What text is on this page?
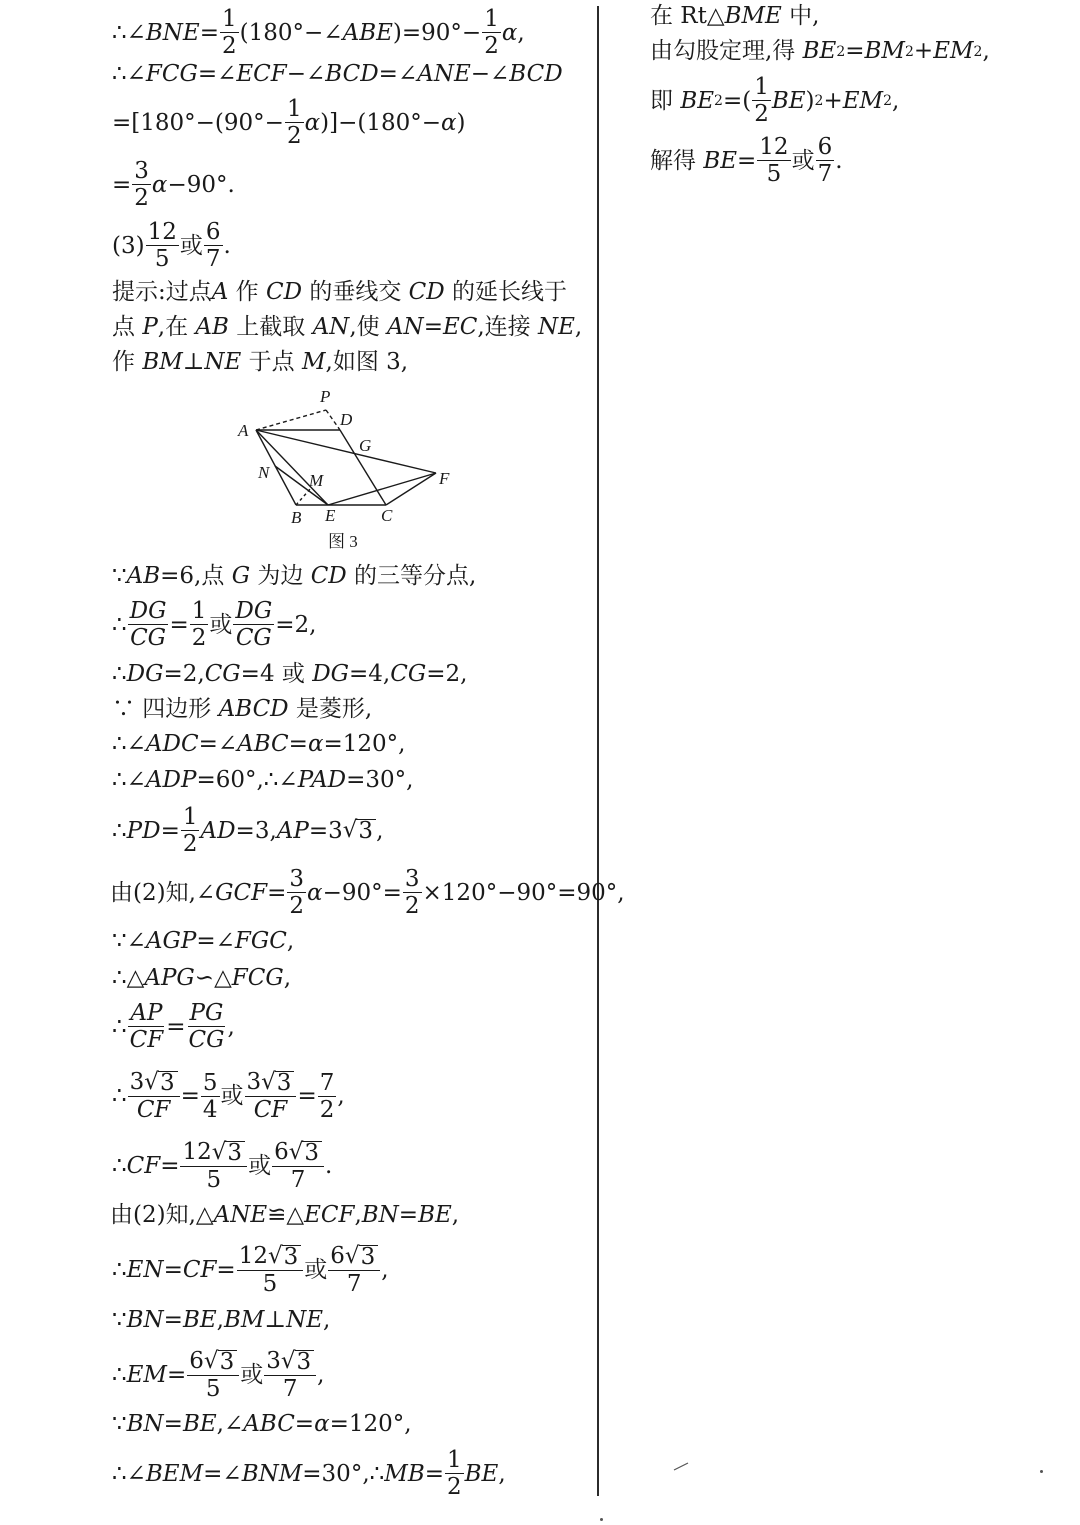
∴∠ BNE = $\frac{1}{2}$ (180°−∠ ABE )$=90^\circ- \frac{1}{2}$ α ,
∴∠ FCG =∠ ECF −∠ BCD =∠ ANE −∠ BCD
$=[180^\circ-(90^\circ- \frac{1}{2}$ α )]−(180°− α )
= $\frac{3}{2}$ α −90°.
$(3) \frac{12}{5}$ 或 $\frac{6}{7}$ .
提示:过点 A 作 CD 的垂线交 CD 的延长线于
点 P ,在 AB 上截取 AN ,使 AN = EC ,连接 NE ,
作 BM ⊥ NE 于点 M ,如图 3,
P
D
A
G
N M	F
B E	C
图 3
∵ AB =6,点 G 为边 CD 的三等分点,
∴ $\frac{DG}{CG} = \frac{1}{2}$ 或 $\frac{DG}{CG} =2$,
∴ DG =2, CG =4 或 DG =4, CG =2,
∵ 四边形 ABCD 是菱形,
∴∠ ADC =∠ ABC = α =120°,
∴∠ ADP =60°,∴∠ PAD =30°,
∴ PD = $\frac{1}{2}$ AD =3, AP =3 √ 3 ,
由(2)知,∠ GCF = $\frac{3}{2}$ $\alpha -90^\circ= \frac{3}{2} \times 120^\circ-90^\circ=90^\circ$,
∵∠ AGP =∠ FGC ,
∴△ APG ∽△ FCG ,
∴ $\frac{AP}{CF} = \frac{PG}{CG}$ ,
∴ $\frac{3 √ 3}{CF} = \frac{5}{4}$ 或 $\frac{3 √ 3}{CF} = \frac{7}{2}$ ,
∴ CF = $\frac{12 √ 3}{5}$ 或 $\frac{6 √ 3}{7}$ .
由(2)知,△ ANE ≌△ ECF , BN = BE ,
∴ EN = CF = $\frac{12 √ 3}{5}$ 或 $\frac{6 √ 3}{7}$ ,
∵ BN = BE , BM ⊥ NE ,
∴ EM = $\frac{6 √ 3}{5}$ 或 $\frac{3 √ 3}{7}$ ,
∵ BN = BE ,∠ ABC = α =120°,
∴∠ BEM =∠ BNM =30°,∴ MB = $\frac{1}{2}$ BE ,
在 Rt△ BME 中,
由勾股定理,得 BE 2 = BM 2 + EM 2 ,
即 BE 2 =( $\frac{1}{2}$ BE ) 2 + EM 2 ,
解得 BE = $\frac{12}{5}$ 或 $\frac{6}{7}$ .
